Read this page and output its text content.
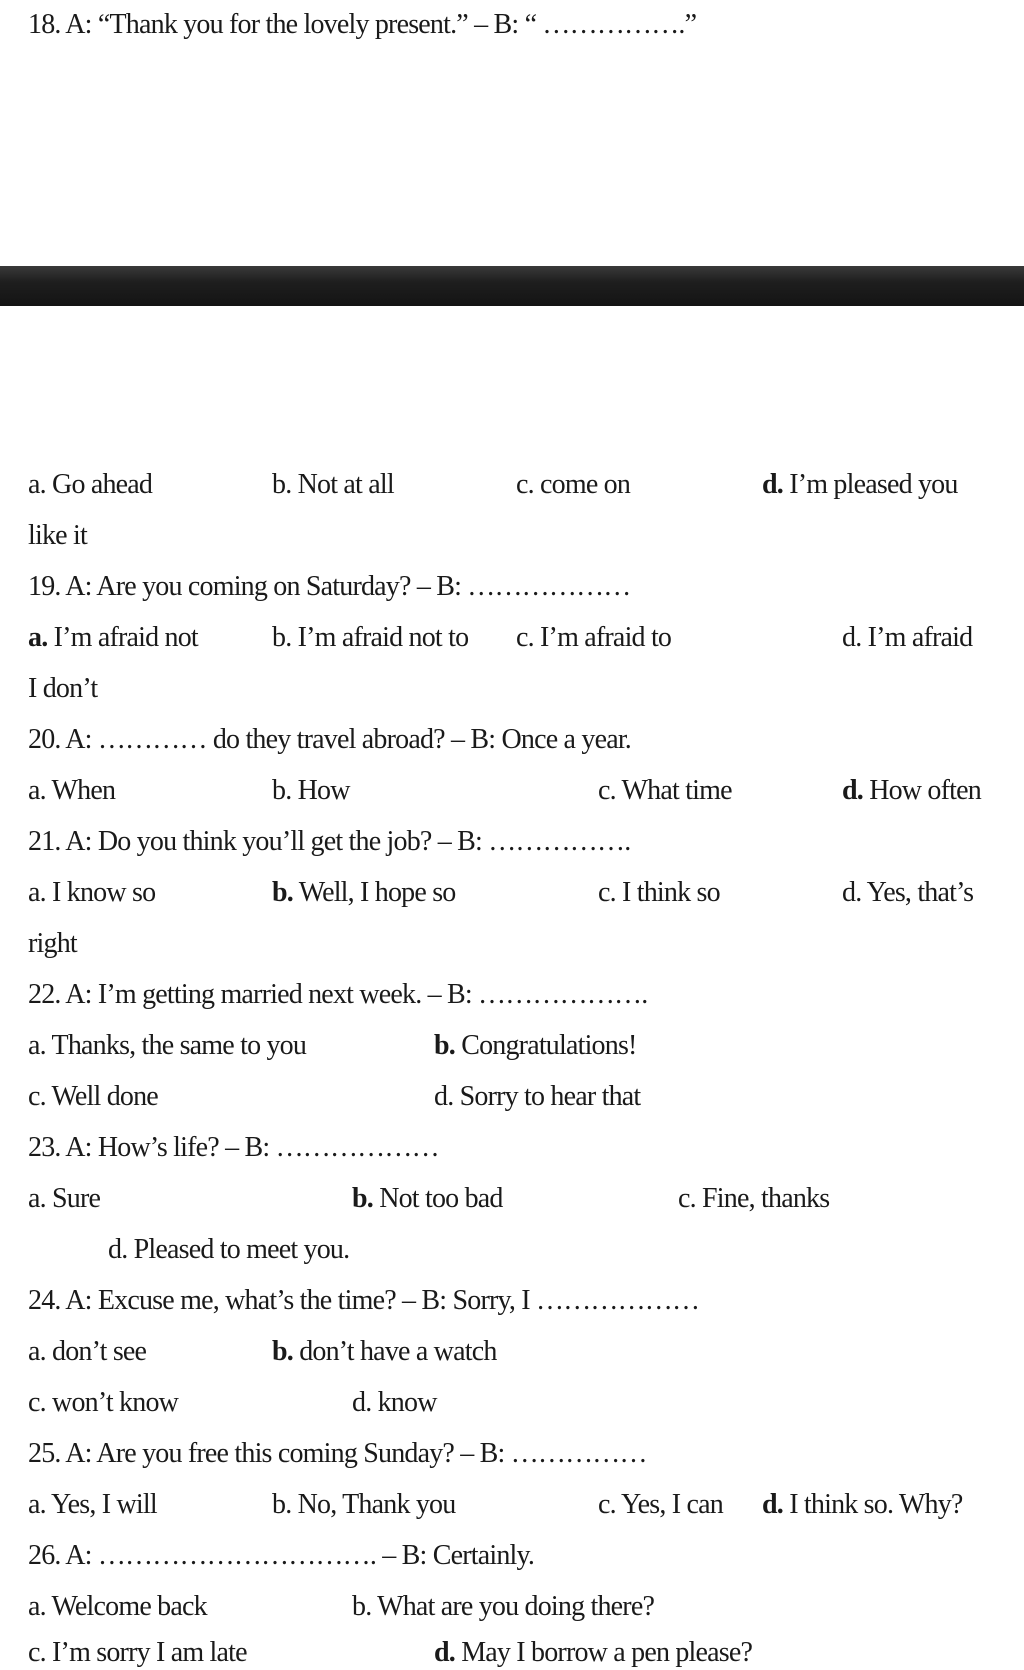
18. A: “Thank you for the lovely present.” – B: “ …………….”
a. Go ahead	b. Not at all	c. come on	d. I’m pleased you
like it
19. A: Are you coming on Saturday? – B: ………………
a. I’m afraid not	b. I’m afraid not to c. I’m afraid to	d. I’m afraid
I don’t
20. A: ………… do they travel abroad? – B: Once a year.
a. When	b. How	c. What time	d. How often
21. A: Do you think you’ll get the job? – B: …………….
a. I know so	b. Well, I hope so	c. I think so	d. Yes, that’s
right
22. A: I’m getting married next week. – B: ……………….
a. Thanks, the same to you	b. Congratulations!
c. Well done	d. Sorry to hear that
23. A: How’s life? – B: ………………
a. Sure	b. Not too bad	c. Fine, thanks
d. Pleased to meet you.
24. A: Excuse me, what’s the time? – B: Sorry, I ………………
a. don’t see	b. don’t have a watch
c. won’t know	d. know
25. A: Are you free this coming Sunday? – B: ……………
a. Yes, I will	b. No, Thank you	c. Yes, I can d. I think so. Why?
26. A: …………………………. – B: Certainly.
a. Welcome back	b. What are you doing there?
c. I’m sorry I am late	d. May I borrow a pen please?
